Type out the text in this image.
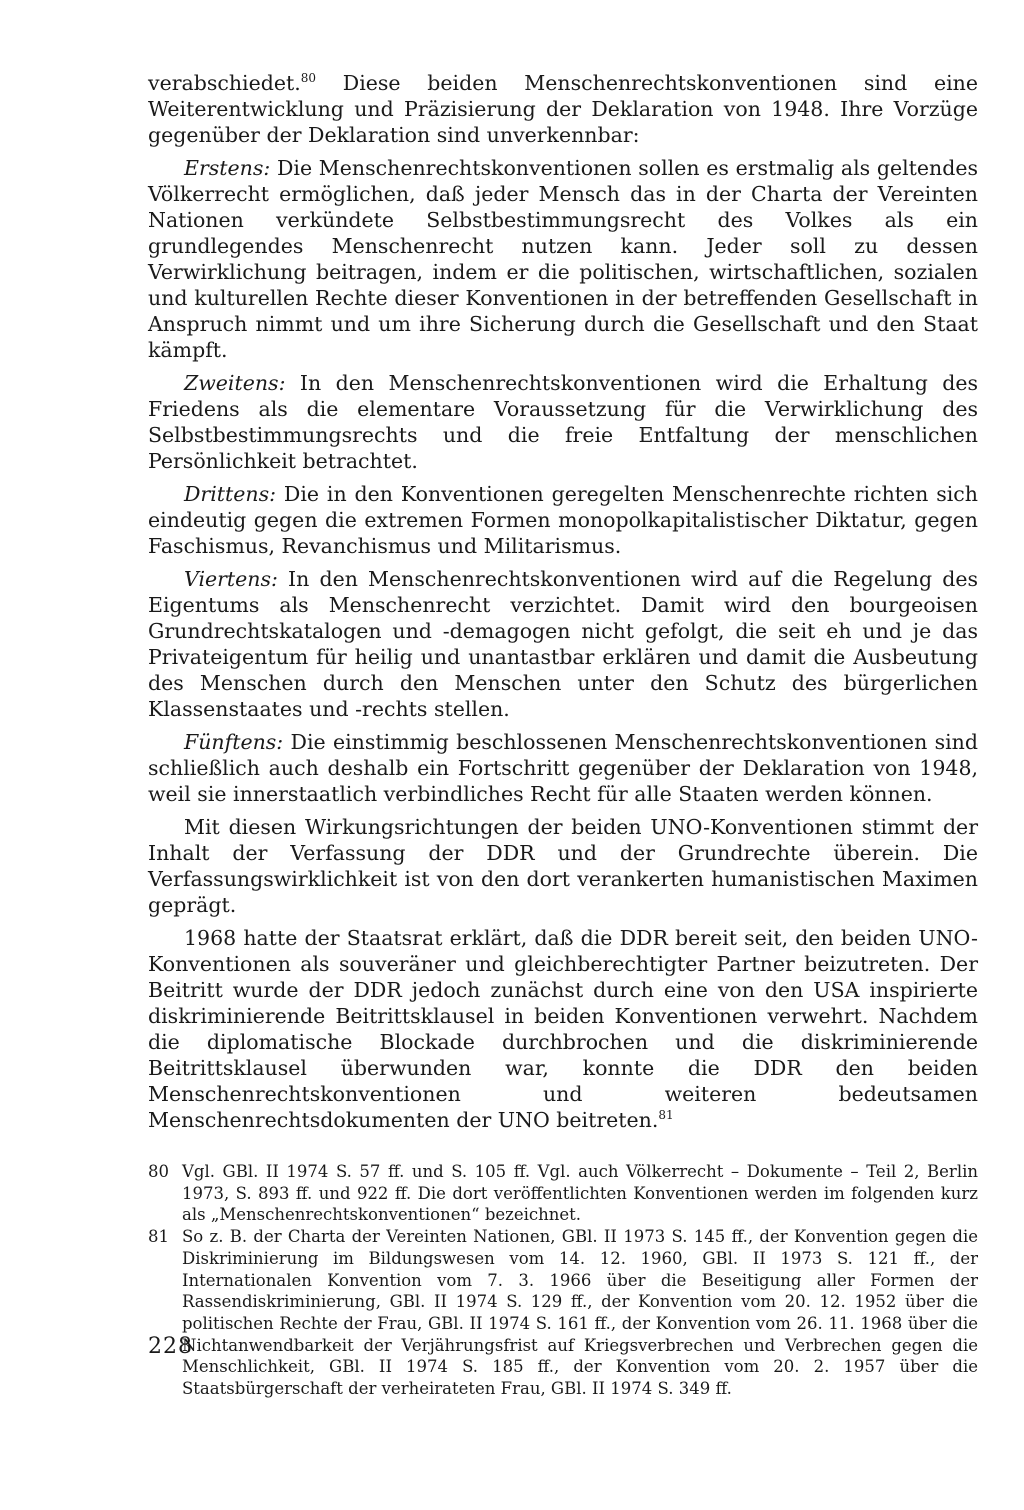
verabschiedet.$^{80}$ Diese beiden Menschenrechtskonventionen sind eine Weiterentwicklung und Präzisierung der Deklaration von 1948. Ihre Vorzüge gegenüber der Deklaration sind unverkennbar:

Erstens: Die Menschenrechtskonventionen sollen es erstmalig als geltendes Völkerrecht ermöglichen, daß jeder Mensch das in der Charta der Vereinten Nationen verkündete Selbstbestimmungsrecht des Volkes als ein grundlegendes Menschenrecht nutzen kann. Jeder soll zu dessen Verwirklichung beitragen, indem er die politischen, wirtschaftlichen, sozialen und kulturellen Rechte dieser Konventionen in der betreffenden Gesellschaft in Anspruch nimmt und um ihre Sicherung durch die Gesellschaft und den Staat kämpft.

Zweitens: In den Menschenrechtskonventionen wird die Erhaltung des Friedens als die elementare Voraussetzung für die Verwirklichung des Selbstbestimmungsrechts und die freie Entfaltung der menschlichen Persönlichkeit betrachtet.

Drittens: Die in den Konventionen geregelten Menschenrechte richten sich eindeutig gegen die extremen Formen monopolkapitalistischer Diktatur, gegen Faschismus, Revanchismus und Militarismus.

Viertens: In den Menschenrechtskonventionen wird auf die Regelung des Eigentums als Menschenrecht verzichtet. Damit wird den bourgeoisen Grundrechtskatalogen und -demagogen nicht gefolgt, die seit eh und je das Privateigentum für heilig und unantastbar erklären und damit die Ausbeutung des Menschen durch den Menschen unter den Schutz des bürgerlichen Klassenstaates und -rechts stellen.

Fünftens: Die einstimmig beschlossenen Menschenrechtskonventionen sind schließlich auch deshalb ein Fortschritt gegenüber der Deklaration von 1948, weil sie innerstaatlich verbindliches Recht für alle Staaten werden können.

Mit diesen Wirkungsrichtungen der beiden UNO-Konventionen stimmt der Inhalt der Verfassung der DDR und der Grundrechte überein. Die Verfassungswirklichkeit ist von den dort verankerten humanistischen Maximen geprägt.

1968 hatte der Staatsrat erklärt, daß die DDR bereit seit, den beiden UNO-Konventionen als souveräner und gleichberechtigter Partner beizutreten. Der Beitritt wurde der DDR jedoch zunächst durch eine von den USA inspirierte diskriminierende Beitrittsklausel in beiden Konventionen verwehrt. Nachdem die diplomatische Blockade durchbrochen und die diskriminierende Beitrittsklausel überwunden war, konnte die DDR den beiden Menschenrechtskonventionen und weiteren bedeutsamen Menschenrechtsdokumenten der UNO beitreten.$^{81}$

80 Vgl. GBl. II 1974 S. 57 ff. und S. 105 ff. Vgl. auch Völkerrecht – Dokumente – Teil 2, Berlin 1973, S. 893 ff. und 922 ff. Die dort veröffentlichten Konventionen werden im folgenden kurz als „Menschenrechtskonventionen“ bezeichnet.
81 So z. B. der Charta der Vereinten Nationen, GBl. II 1973 S. 145 ff., der Konvention gegen die Diskriminierung im Bildungswesen vom 14. 12. 1960, GBl. II 1973 S. 121 ff., der Internationalen Konvention vom 7. 3. 1966 über die Beseitigung aller Formen der Rassendiskriminierung, GBl. II 1974 S. 129 ff., der Konvention vom 20. 12. 1952 über die politischen Rechte der Frau, GBl. II 1974 S. 161 ff., der Konvention vom 26. 11. 1968 über die Nichtanwendbarkeit der Verjährungsfrist auf Kriegsverbrechen und Verbrechen gegen die Menschlichkeit, GBl. II 1974 S. 185 ff., der Konvention vom 20. 2. 1957 über die Staatsbürgerschaft der verheirateten Frau, GBl. II 1974 S. 349 ff.
228
